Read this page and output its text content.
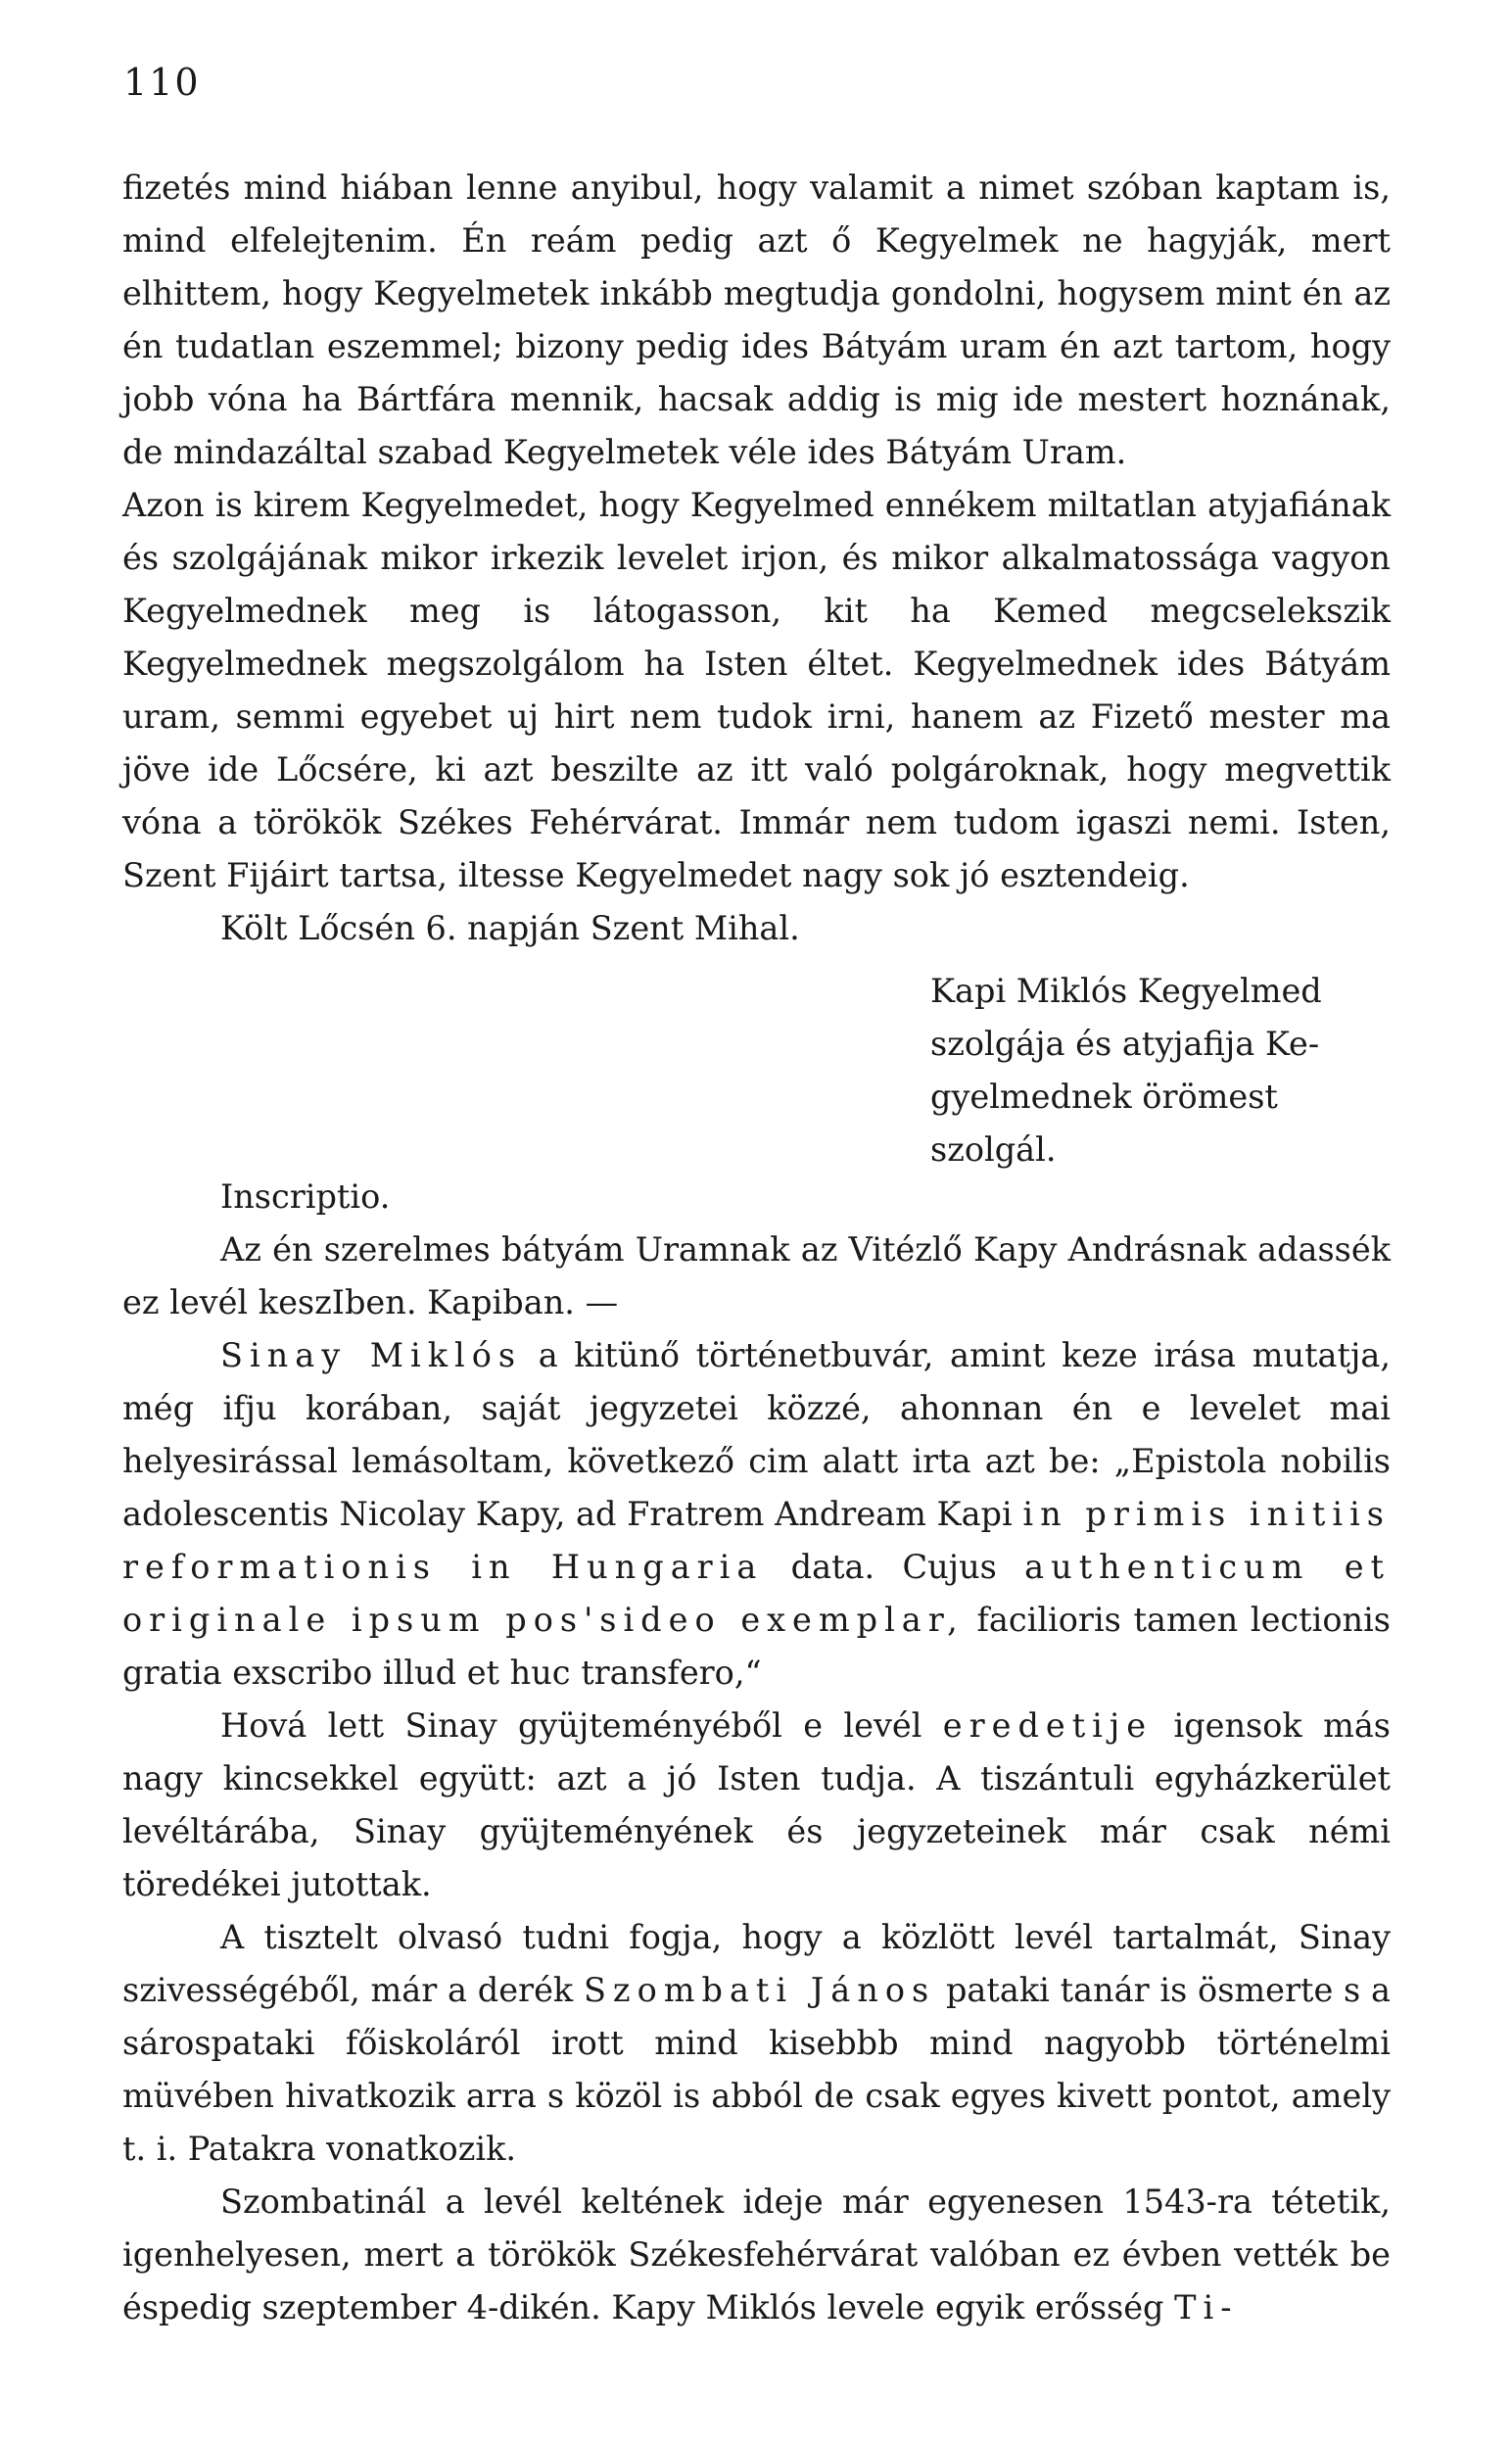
110

fizetés mind hiában lenne anyibul, hogy valamit a nimet szóban kaptam is, mind elfelejtenim. Én reám pedig azt ő Kegyelmek ne hagyják, mert elhittem, hogy Kegyelmetek inkább megtudja gondolni, hogysem mint én az én tudatlan eszemmel; bizony pedig ides Bátyám uram én azt tartom, hogy jobb vóna ha Bártfára mennik, hacsak addig is mig ide mestert hoznának, de mindazáltal szabad Kegyelmetek véle ides Bátyám Uram.

Azon is kirem Kegyelmedet, hogy Kegyelmed ennékem miltatlan atyjafiának és szolgájának mikor irkezik levelet irjon, és mikor alkalmatossága vagyon Kegyelmednek meg is látogasson, kit ha Kemed megcselekszik Kegyelmednek megszolgálom ha Isten éltet. Kegyelmednek ides Bátyám uram, semmi egyebet uj hirt nem tudok irni, hanem az Fizető mester ma jöve ide Lőcsére, ki azt beszilte az itt való polgároknak, hogy megvettik vóna a törökök Székes Fehérvárat. Immár nem tudom igaszi nemi. Isten, Szent Fijáirt tartsa, iltesse Kegyelmedet nagy sok jó esztendeig.

Költ Lőcsén 6. napján Szent Mihal.

Kapi Miklós Kegyelmed
szolgája és atyjafija Ke-
gyelmednek örömest
szolgál.

Inscriptio.

Az én szerelmes bátyám Uramnak az Vitézlő Kapy Andrásnak adassék ez levél keszIben. Kapiban. —

Sinay Miklós a kitünő történetbuvár, amint keze irása mutatja, még ifju korában, saját jegyzetei közzé, ahonnan én e levelet mai helyesirással lemásoltam, következő cim alatt irta azt be: „Epistola nobilis adolescentis Nicolay Kapy, ad Fratrem Andream Kapi in primis initiis reformationis in Hungaria data. Cujus authenticum et originale ipsum pos'sideo exemplar, facilioris tamen lectionis gratia exscribo illud et huc transfero,“

Hová lett Sinay gyüjteményéből e levél eredetije igensok más nagy kincsekkel együtt: azt a jó Isten tudja. A tiszántuli egyházkerület levéltárába, Sinay gyüjteményének és jegyzeteinek már csak némi töredékei jutottak.

A tisztelt olvasó tudni fogja, hogy a közlött levél tartalmát, Sinay szivességéből, már a derék Szombati János pataki tanár is ösmerte s a sárospataki főiskoláról irott mind kisebbb mind nagyobb történelmi müvében hivatkozik arra s közöl is abból de csak egyes kivett pontot, amely t. i. Patakra vonatkozik.

Szombatinál a levél keltének ideje már egyenesen 1543-ra tétetik, igenhelyesen, mert a törökök Székesfehérvárat valóban ez évben vették be éspedig szeptember 4-dikén. Kapy Miklós levele egyik erősség Ti-
